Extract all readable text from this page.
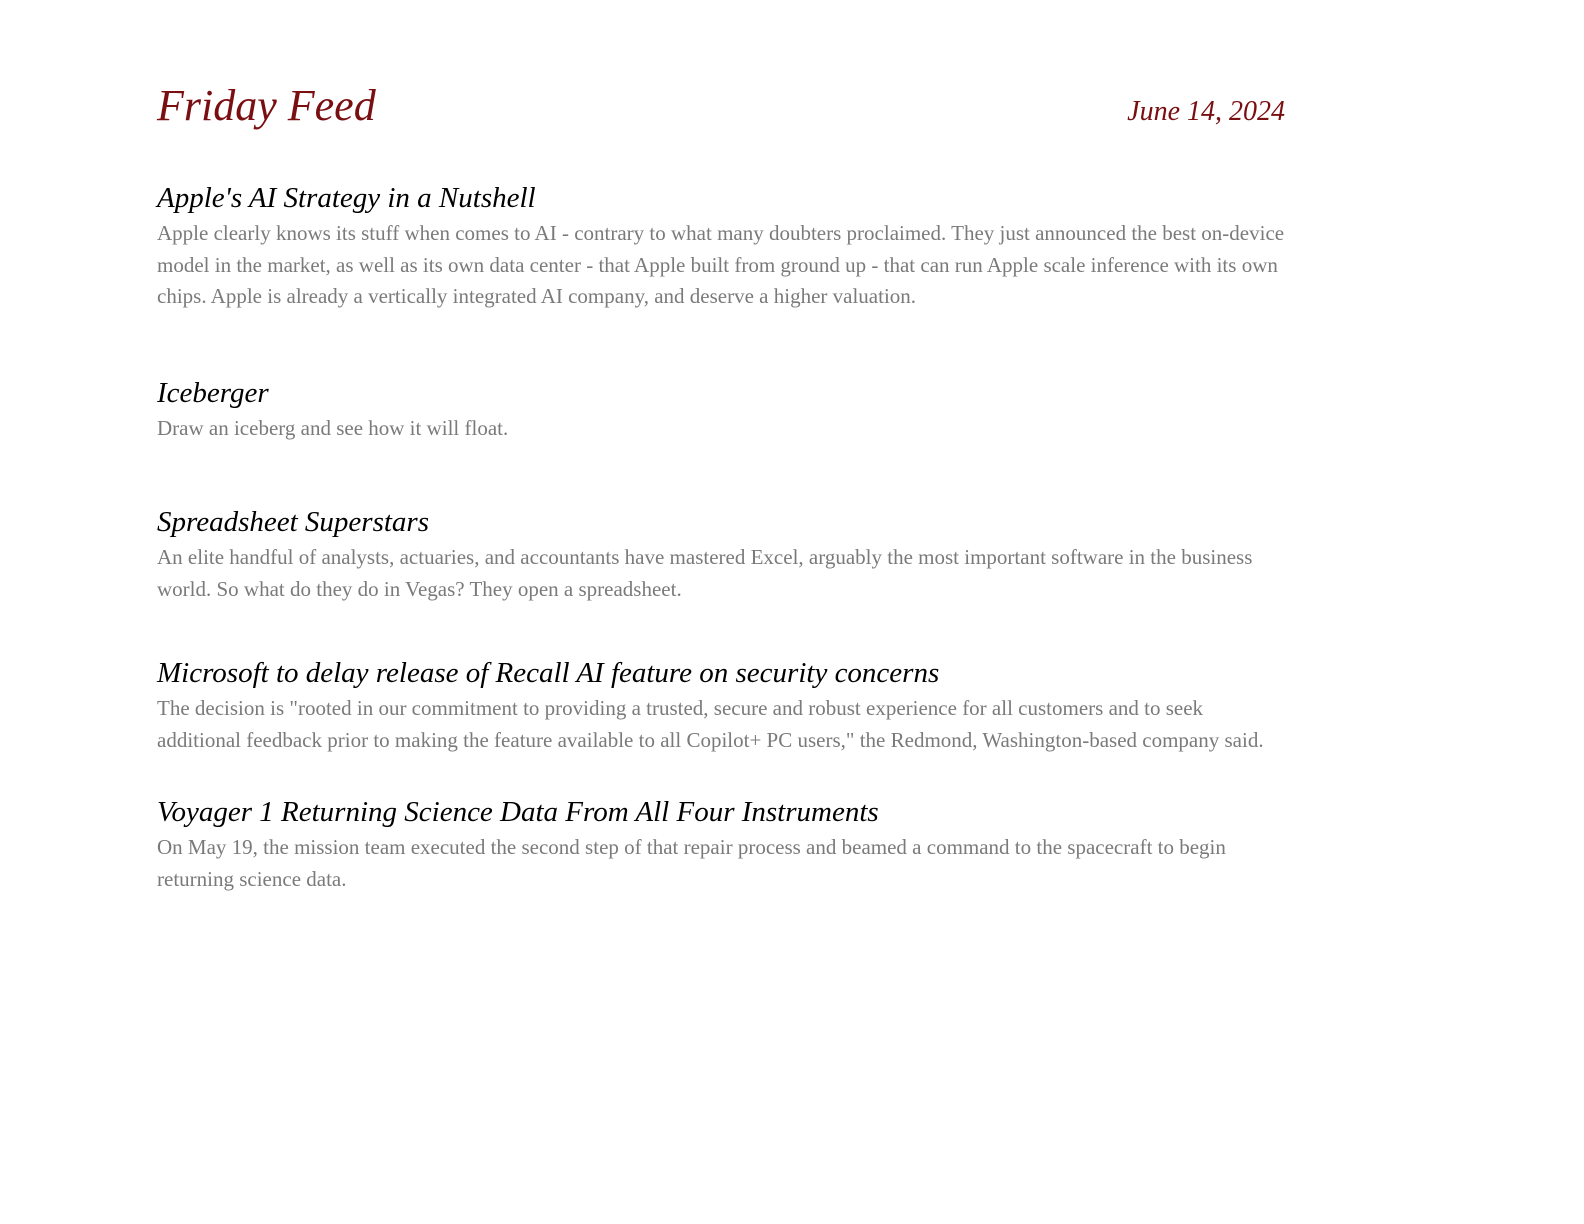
Friday Feed	June 14, 2024
Apple's AI Strategy in a Nutshell

Apple clearly knows its stuff when comes to AI - contrary to what many doubters proclaimed. They just announced the best on-device model in the market, as well as its own data center - that Apple built from ground up - that can run Apple scale inference with its own chips. Apple is already a vertically integrated AI company, and deserve a higher valuation.

Iceberger

Draw an iceberg and see how it will float.

Spreadsheet Superstars

An elite handful of analysts, actuaries, and accountants have mastered Excel, arguably the most important software in the business world. So what do they do in Vegas? They open a spreadsheet.

Microsoft to delay release of Recall AI feature on security concerns

The decision is "rooted in our commitment to providing a trusted, secure and robust experience for all customers and to seek additional feedback prior to making the feature available to all Copilot+ PC users," the Redmond, Washington-based company said.

Voyager 1 Returning Science Data From All Four Instruments

On May 19, the mission team executed the second step of that repair process and beamed a command to the spacecraft to begin returning science data.
